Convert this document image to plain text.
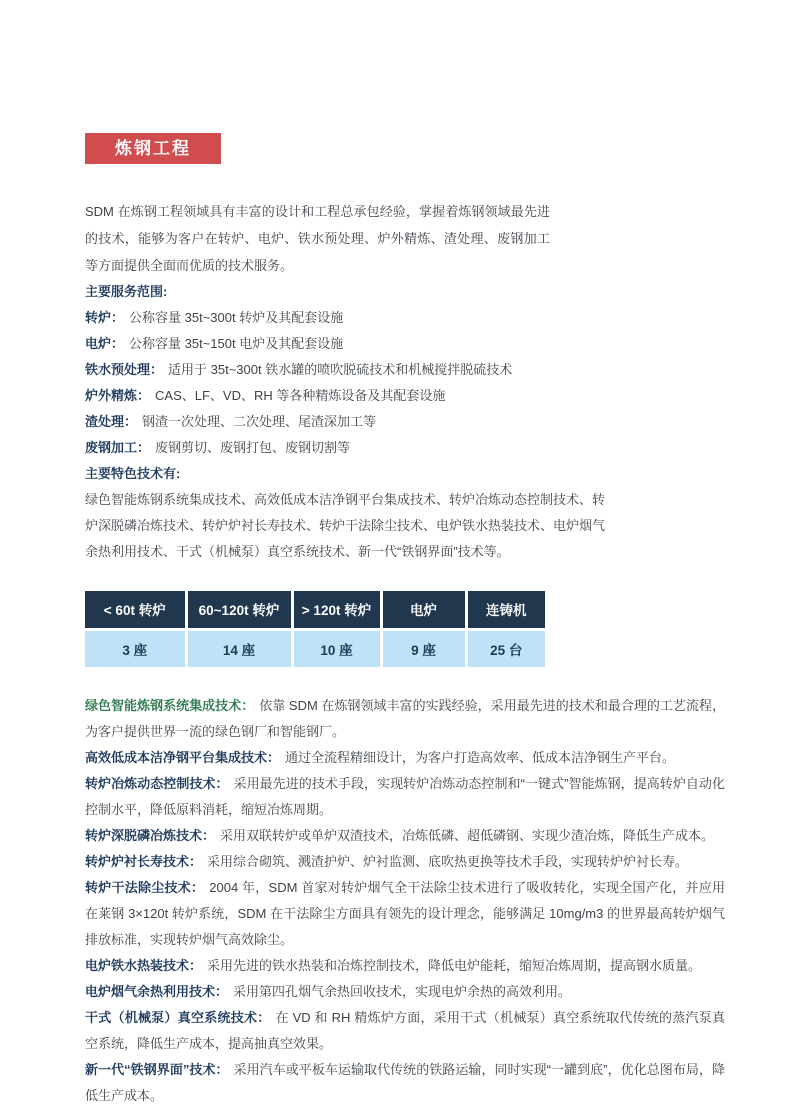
炼钢工程

SDM 在炼钢工程领域具有丰富的设计和工程总承包经验，掌握着炼钢领域最先进的技术，能够为客户在转炉、电炉、铁水预处理、炉外精炼、渣处理、废钢加工等方面提供全面而优质的技术服务。

主要服务范围:

转炉： 公称容量 35t~300t 转炉及其配套设施

电炉： 公称容量 35t~150t 电炉及其配套设施

铁水预处理： 适用于 35t~300t 铁水罐的喷吹脱硫技术和机械搅拌脱硫技术

炉外精炼： CAS、LF、VD、RH 等各种精炼设备及其配套设施

渣处理： 钢渣一次处理、二次处理、尾渣深加工等

废钢加工： 废钢剪切、废钢打包、废钢切割等

主要特色技术有:

绿色智能炼钢系统集成技术、高效低成本洁净钢平台集成技术、转炉冶炼动态控制技术、转炉深脱磷冶炼技术、转炉炉衬长寿技术、转炉干法除尘技术、电炉铁水热装技术、电炉烟气余热利用技术、干式（机械泵）真空系统技术、新一代“铁钢界面”技术等。

< 60t 转炉	60~120t 转炉	> 120t 转炉	电炉	连铸机
3 座	14 座	10 座	9 座	25 台

绿色智能炼钢系统集成技术： 依靠 SDM 在炼钢领域丰富的实践经验，采用最先进的技术和最合理的工艺流程，为客户提供世界一流的绿色钢厂和智能钢厂。

高效低成本洁净钢平台集成技术： 通过全流程精细设计，为客户打造高效率、低成本洁净钢生产平台。

转炉冶炼动态控制技术： 采用最先进的技术手段，实现转炉冶炼动态控制和“一键式”智能炼钢，提高转炉自动化控制水平，降低原料消耗，缩短冶炼周期。

转炉深脱磷冶炼技术： 采用双联转炉或单炉双渣技术，冶炼低磷、超低磷钢、实现少渣冶炼，降低生产成本。

转炉炉衬长寿技术： 采用综合砌筑、溅渣护炉、炉衬监测、底吹热更换等技术手段，实现转炉炉衬长寿。

转炉干法除尘技术： 2004 年，SDM 首家对转炉烟气全干法除尘技术进行了吸收转化，实现全国产化，并应用在莱钢 3×120t 转炉系统，SDM 在干法除尘方面具有领先的设计理念，能够满足 10mg/m3 的世界最高转炉烟气排放标准，实现转炉烟气高效除尘。

电炉铁水热装技术： 采用先进的铁水热装和冶炼控制技术，降低电炉能耗，缩短冶炼周期，提高钢水质量。

电炉烟气余热利用技术： 采用第四孔烟气余热回收技术，实现电炉余热的高效利用。

干式（机械泵）真空系统技术： 在 VD 和 RH 精炼炉方面，采用干式（机械泵）真空系统取代传统的蒸汽泵真空系统，降低生产成本，提高抽真空效果。

新一代“铁钢界面”技术： 采用汽车或平板车运输取代传统的铁路运输，同时实现“一罐到底”，优化总图布局，降低生产成本。
